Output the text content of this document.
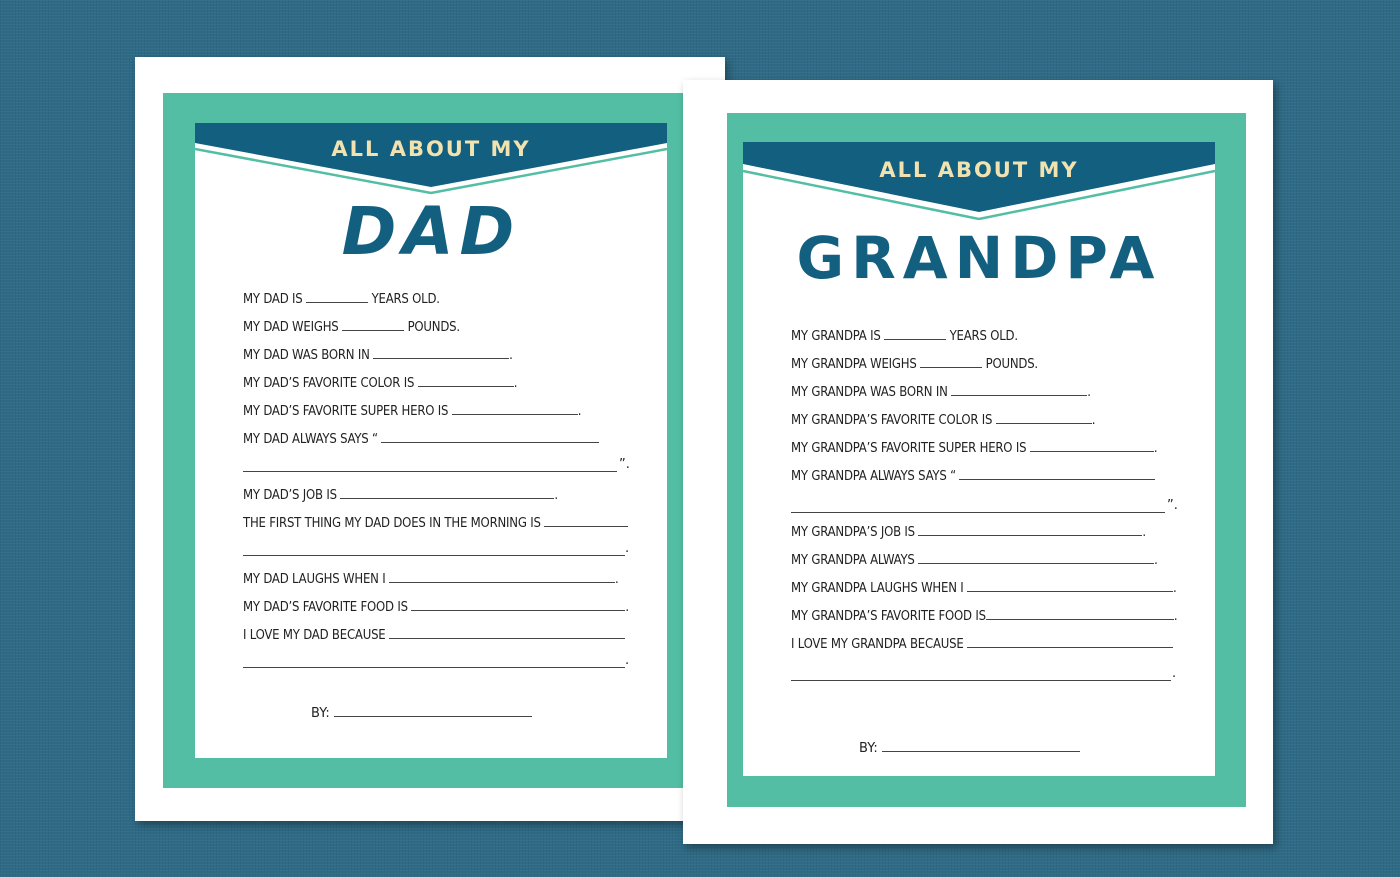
ALL ABOUT MY
DAD
MY DAD IS	YEARS OLD.
MY DAD WEIGHS	POUNDS.
MY DAD WAS BORN IN	.
MY DAD’S FAVORITE COLOR IS	.
MY DAD’S FAVORITE SUPER HERO IS	.
MY DAD ALWAYS SAYS “
”.
MY DAD’S JOB IS	.
THE FIRST THING MY DAD DOES IN THE MORNING IS
.
MY DAD LAUGHS WHEN I	.
MY DAD’S FAVORITE FOOD IS	.
I LOVE MY DAD BECAUSE
.
BY:
ALL ABOUT MY
GRANDPA
MY GRANDPA IS	YEARS OLD.
MY GRANDPA WEIGHS	POUNDS.
MY GRANDPA WAS BORN IN	.
MY GRANDPA’S FAVORITE COLOR IS	.
MY GRANDPA’S FAVORITE SUPER HERO IS	.
MY GRANDPA ALWAYS SAYS “
”.
MY GRANDPA’S JOB IS	.
MY GRANDPA ALWAYS	.
MY GRANDPA LAUGHS WHEN I	.
MY GRANDPA’S FAVORITE FOOD IS	.
I LOVE MY GRANDPA BECAUSE
.
BY:
